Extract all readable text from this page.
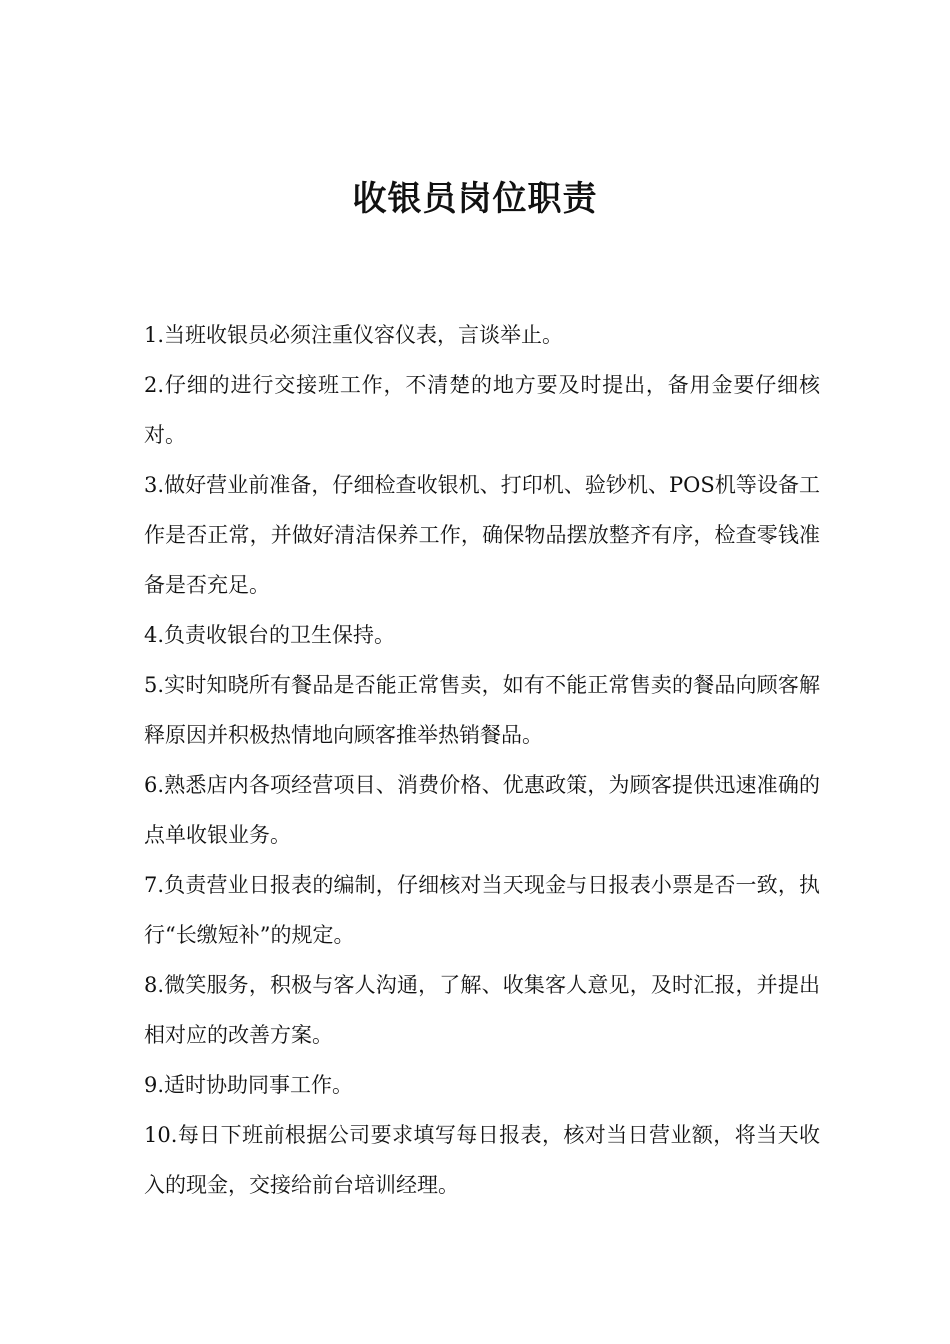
收银员岗位职责

1.当班收银员必须注重仪容仪表，言谈举止。

2.仔细的进行交接班工作，不清楚的地方要及时提出，备用金要仔细核对。

3.做好营业前准备，仔细检查收银机、打印机、验钞机、POS机等设备工作是否正常，并做好清洁保养工作，确保物品摆放整齐有序，检查零钱准备是否充足。

4.负责收银台的卫生保持。

5.实时知晓所有餐品是否能正常售卖，如有不能正常售卖的餐品向顾客解释原因并积极热情地向顾客推举热销餐品。

6.熟悉店内各项经营项目、消费价格、优惠政策，为顾客提供迅速准确的点单收银业务。

7.负责营业日报表的编制，仔细核对当天现金与日报表小票是否一致，执行“长缴短补”的规定。

8.微笑服务，积极与客人沟通，了解、收集客人意见，及时汇报，并提出相对应的改善方案。

9.适时协助同事工作。

10.每日下班前根据公司要求填写每日报表，核对当日营业额，将当天收入的现金，交接给前台培训经理。
